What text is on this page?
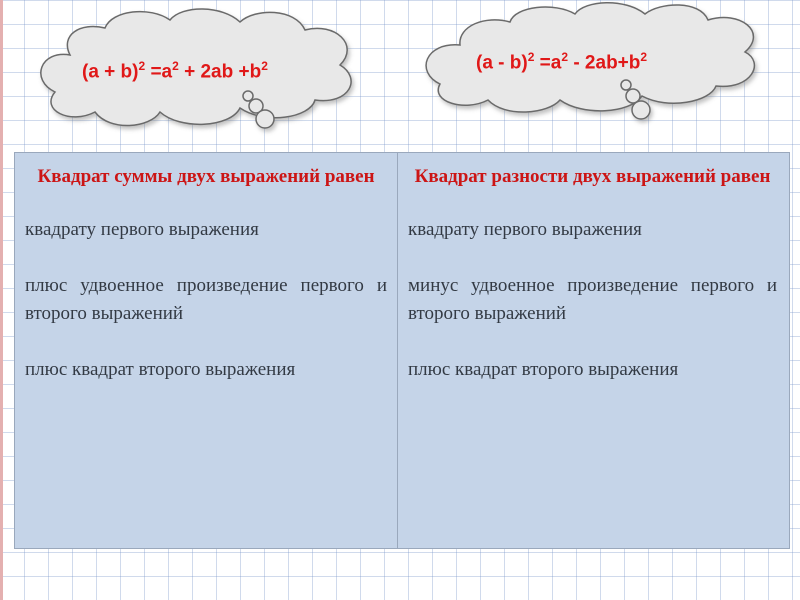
$(a + b)^2 =a^2 + 2ab +b^2$	$(a - b)^2 =a^2 - 2ab+b^2$

Квадрат суммы двух выражений равен

квадрату первого выражения

плюс удвоенное произведение первого и второго выражений

плюс квадрат второго выражения

Квадрат разности двух выражений равен

квадрату первого выражения

минус удвоенное произведение первого и второго выражений

плюс квадрат второго выражения
